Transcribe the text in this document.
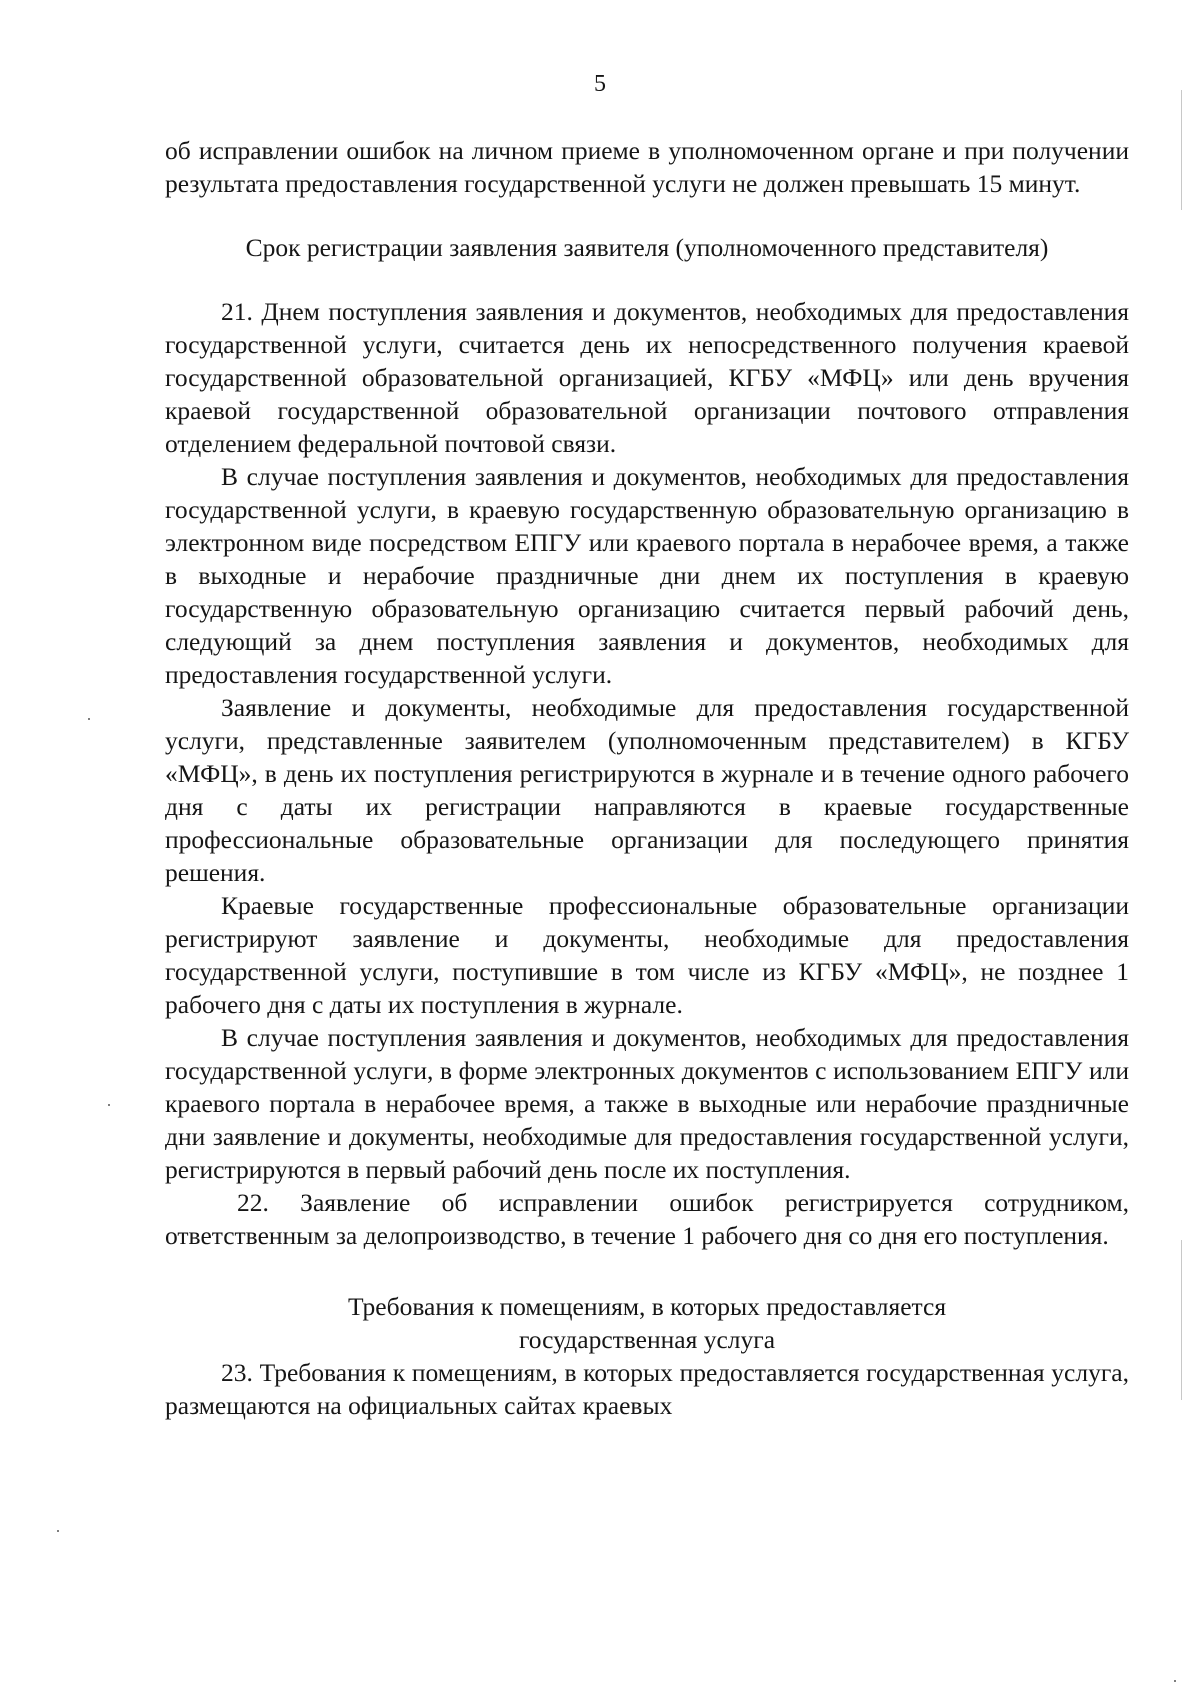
5

об исправлении ошибок на личном приеме в уполномоченном органе и при получении результата предоставления государственной услуги не должен превышать 15 минут.

Срок регистрации заявления заявителя (уполномоченного представителя)

21. Днем поступления заявления и документов, необходимых для предоставления государственной услуги, считается день их непосредственного получения краевой государственной образовательной организацией, КГБУ «МФЦ» или день вручения краевой государственной образовательной организации почтового отправления отделением федеральной почтовой связи.

В случае поступления заявления и документов, необходимых для предоставления государственной услуги, в краевую государственную образовательную организацию в электронном виде посредством ЕПГУ или краевого портала в нерабочее время, а также в выходные и нерабочие праздничные дни днем их поступления в краевую государственную образовательную организацию считается первый рабочий день, следующий за днем поступления заявления и документов, необходимых для предоставления государственной услуги.

Заявление и документы, необходимые для предоставления государственной услуги, представленные заявителем (уполномоченным представителем) в КГБУ «МФЦ», в день их поступления регистрируются в журнале и в течение одного рабочего дня с даты их регистрации направляются в краевые государственные профессиональные образовательные организации для последующего принятия решения.

Краевые государственные профессиональные образовательные организации регистрируют заявление и документы, необходимые для предоставления государственной услуги, поступившие в том числе из КГБУ «МФЦ», не позднее 1 рабочего дня с даты их поступления в журнале.

В случае поступления заявления и документов, необходимых для предоставления государственной услуги, в форме электронных документов с использованием ЕПГУ или краевого портала в нерабочее время, а также в выходные или нерабочие праздничные дни заявление и документы, необходимые для предоставления государственной услуги, регистрируются в первый рабочий день после их поступления.

22. Заявление об исправлении ошибок регистрируется сотрудником, ответственным за делопроизводство, в течение 1 рабочего дня со дня его поступления.

Требования к помещениям, в которых предоставляется

государственная услуга

23. Требования к помещениям, в которых предоставляется государственная услуга, размещаются на официальных сайтах краевых
